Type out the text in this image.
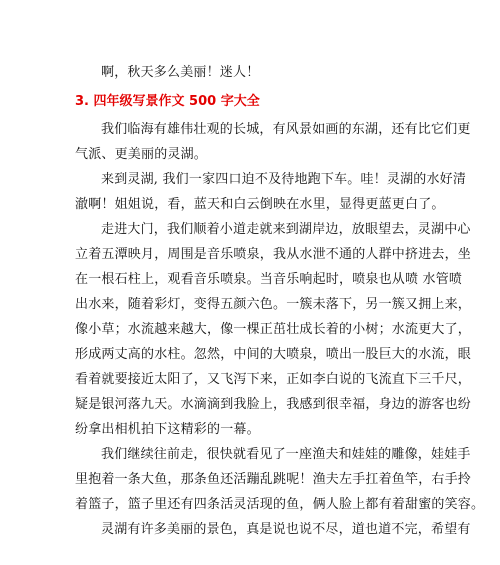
啊，秋天多么美丽！迷人！
3. 四年级写景作文 500 字大全
我们临海有雄伟壮观的长城，有风景如画的东湖，还有比它们更
气派、更美丽的灵湖。
来到灵湖, 我们一家四口迫不及待地跑下车。哇！灵湖的水好清
澈啊！姐姐说，看，蓝天和白云倒映在水里，显得更蓝更白了。
走进大门，我们顺着小道走就来到湖岸边，放眼望去，灵湖中心
立着五潭映月，周围是音乐喷泉，我从水泄不通的人群中挤进去，坐
在一根石柱上，观看音乐喷泉。当音乐响起时，喷泉也从喷 水管喷
出水来，随着彩灯，变得五颜六色。一簇未落下，另一簇又拥上来，
像小草；水流越来越大，像一棵正茁壮成长着的小树；水流更大了，
形成两丈高的水柱。忽然，中间的大喷泉，喷出一股巨大的水流，眼
看着就要接近太阳了，又飞泻下来，正如李白说的飞流直下三千尺，
疑是银河落九天。水滴滴到我脸上，我感到很幸福，身边的游客也纷
纷拿出相机拍下这精彩的一幕。
我们继续往前走，很快就看见了一座渔夫和娃娃的雕像，娃娃手
里抱着一条大鱼，那条鱼还活蹦乱跳呢！渔夫左手扛着鱼竿，右手拎
着篮子，篮子里还有四条活灵活现的鱼，俩人脸上都有着甜蜜的笑容。
灵湖有许多美丽的景色，真是说也说不尽，道也道不完，希望有
